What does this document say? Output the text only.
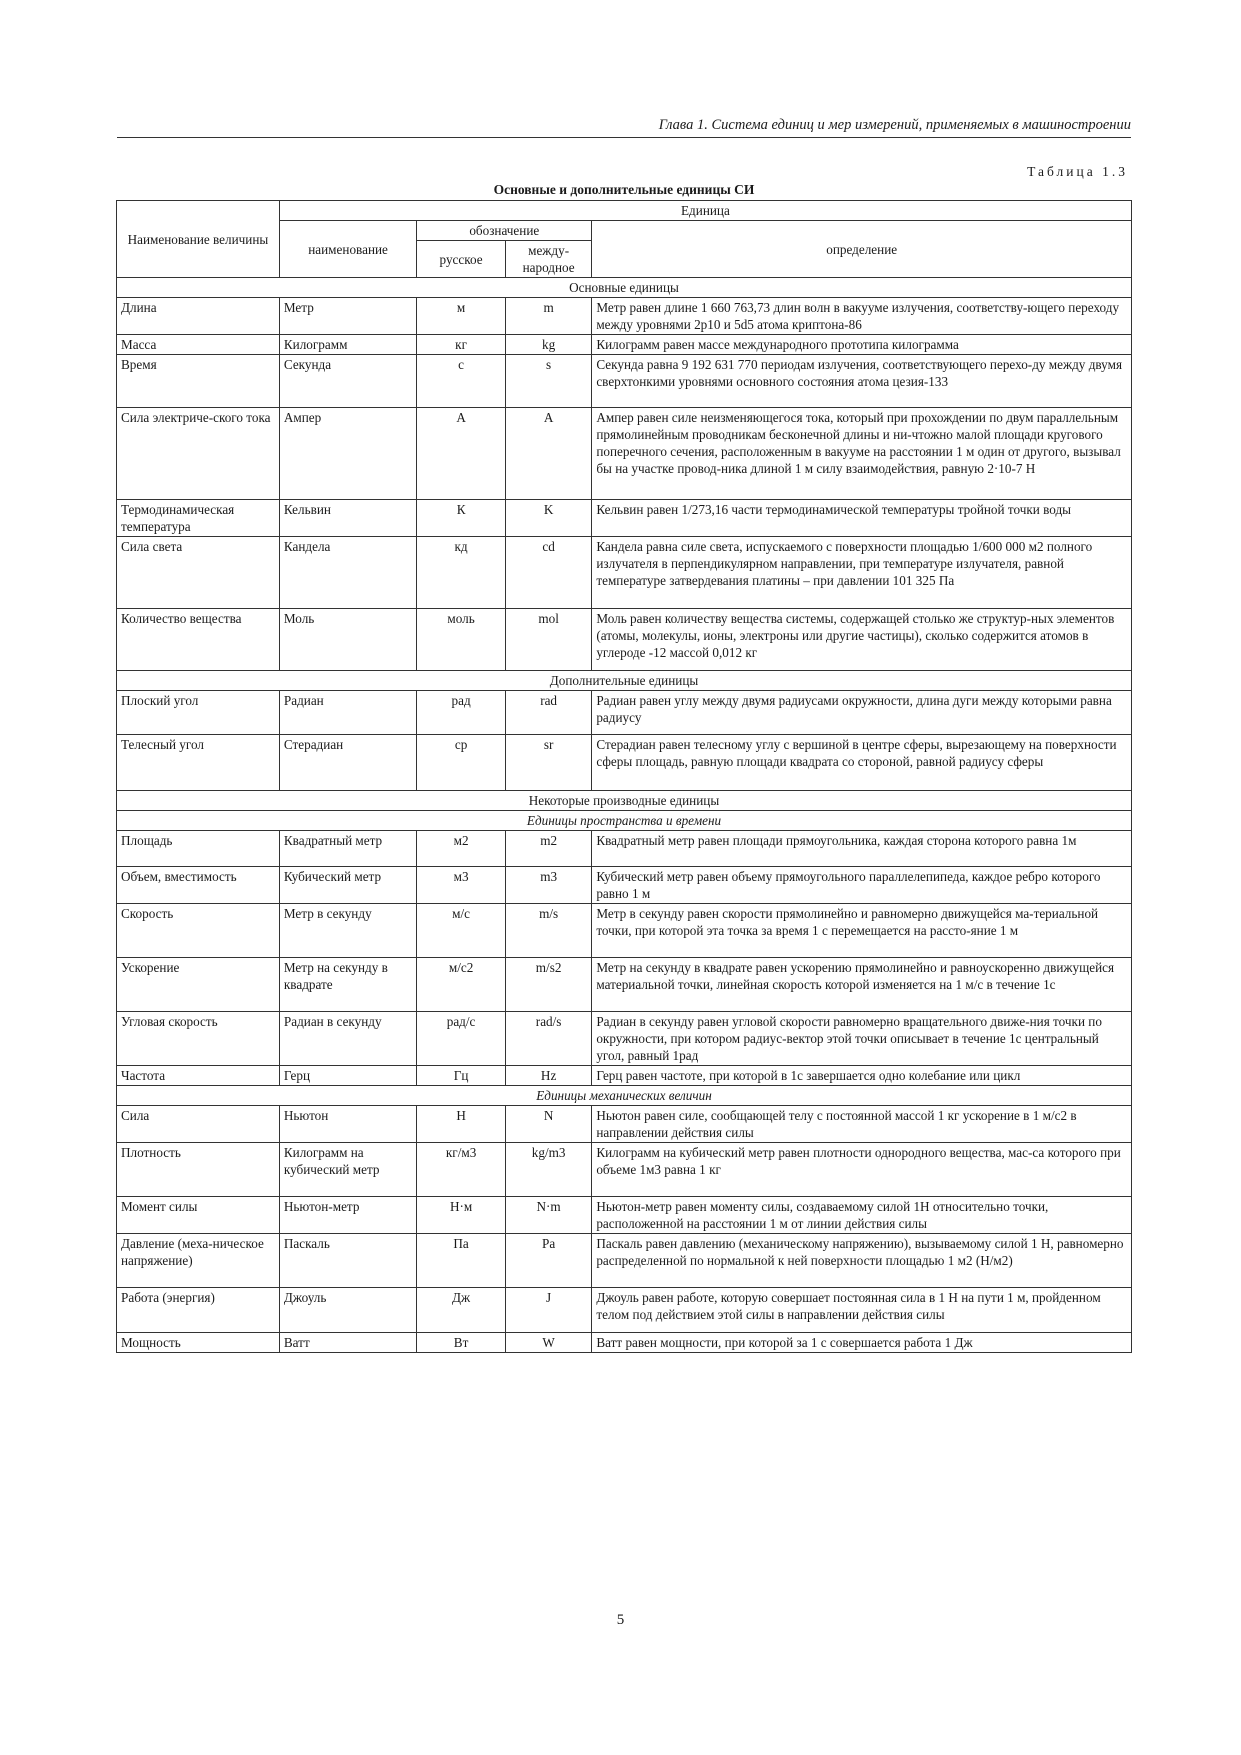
Глава 1. Система единиц и мер измерений, применяемых в машиностроении
Таблица 1.3
Основные и дополнительные единицы СИ
Наименование величины	Единица			
	наименование	обозначение		определение
		русское	между-народное	
Основные единицы				
Длина	Метр	м	m	Метр равен длине 1 660 763,73 длин волн в вакууме излучения, соответству-ющего переходу между уровнями 2p10 и 5d5 атома криптона-86
Масса	Килограмм	кг	kg	Килограмм равен массе международного прототипа килограмма
Время	Секунда	с	s	Секунда равна 9 192 631 770 периодам излучения, соответствующего перехо-ду между двумя сверхтонкими уровнями основного состояния атома цезия-133
Сила электриче-ского тока	Ампер	А	A	Ампер равен силе неизменяющегося тока, который при прохождении по двум параллельным прямолинейным проводникам бесконечной длины и ни-чтожно малой площади кругового поперечного сечения, расположенным в вакууме на расстоянии 1 м один от другого, вызывал бы на участке провод-ника длиной 1 м силу взаимодействия, равную 2·10-7 Н
Термодинамическая температура	Кельвин	К	K	Кельвин равен 1/273,16 части термодинамической температуры тройной точки воды
Сила света	Кандела	кд	cd	Кандела равна силе света, испускаемого с поверхности площадью 1/600 000 м2 полного излучателя в перпендикулярном направлении, при температуре излучателя, равной температуре затвердевания платины – при давлении 101 325 Па
Количество вещества	Моль	моль	mol	Моль равен количеству вещества системы, содержащей столько же структур-ных элементов (атомы, молекулы, ионы, электроны или другие частицы), сколько содержится атомов в углероде -12 массой 0,012 кг
Дополнительные единицы				
Плоский угол	Радиан	рад	rad	Радиан равен углу между двумя радиусами окружности, длина дуги между которыми равна радиусу
Телесный угол	Стерадиан	ср	sr	Стерадиан равен телесному углу с вершиной в центре сферы, вырезающему на поверхности сферы площадь, равную площади квадрата со стороной, равной радиусу сферы
Некоторые производные единицы				
Единицы пространства и времени				
Площадь	Квадратный метр	м2	m2	Квадратный метр равен площади прямоугольника, каждая сторона которого равна 1м
Объем, вместимость	Кубический метр	м3	m3	Кубический метр равен объему прямоугольного параллелепипеда, каждое ребро которого равно 1 м
Скорость	Метр в секунду	м/с	m/s	Метр в секунду равен скорости прямолинейно и равномерно движущейся ма-териальной точки, при которой эта точка за время 1 с перемещается на рассто-яние 1 м
Ускорение	Метр на секунду в квадрате	м/с2	m/s2	Метр на секунду в квадрате равен ускорению прямолинейно и равноускоренно движущейся материальной точки, линейная скорость которой изменяется на 1 м/с в течение 1с
Угловая скорость	Радиан в секунду	рад/с	rad/s	Радиан в секунду равен угловой скорости равномерно вращательного движе-ния точки по окружности, при котором радиус-вектор этой точки описывает в течение 1с центральный угол, равный 1рад
Частота	Герц	Гц	Hz	Герц равен частоте, при которой в 1с завершается одно колебание или цикл
Единицы механических величин				
Сила	Ньютон	Н	N	Ньютон равен силе, сообщающей телу с постоянной массой 1 кг ускорение в 1 м/с2 в направлении действия силы
Плотность	Килограмм на кубический метр	кг/м3	kg/m3	Килограмм на кубический метр равен плотности однородного вещества, мас-са которого при объеме 1м3 равна 1 кг
Момент силы	Ньютон-метр	Н·м	N·m	Ньютон-метр равен моменту силы, создаваемому силой 1Н относительно точки, расположенной на расстоянии 1 м от линии действия силы
Давление (меха-ническое напряжение)	Паскаль	Па	Pa	Паскаль равен давлению (механическому напряжению), вызываемому силой 1 Н, равномерно распределенной по нормальной к ней поверхности площадью 1 м2 (Н/м2)
Работа (энергия)	Джоуль	Дж	J	Джоуль равен работе, которую совершает постоянная сила в 1 Н на пути 1 м, пройденном телом под действием этой силы в направлении действия силы
Мощность	Ватт	Вт	W	Ватт равен мощности, при которой за 1 с совершается работа 1 Дж
5
